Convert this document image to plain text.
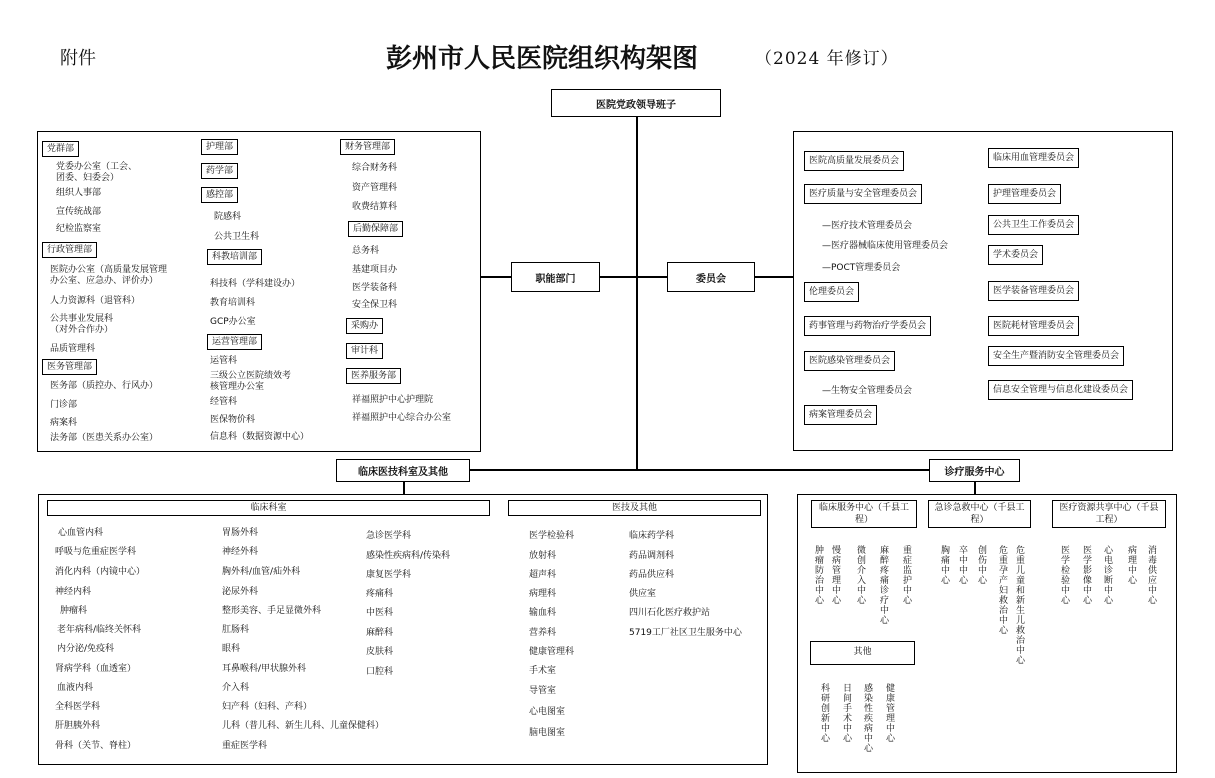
附件	彭州市人民医院组织构架图	（2024 年修订）
医院党政领导班子
职能部门
党群部
党委办公室（工会、
团委、妇委会）
组织人事部
宣传统战部
纪检监察室
行政管理部
医院办公室（高质量发展管理
办公室、应急办、评价办）
人力资源科（退管科）
公共事业发展科
（对外合作办）
品质管理科
医务管理部
医务部（质控办、行风办）
门诊部
病案科
法务部（医患关系办公室）
护理部
药学部
感控部
院感科
公共卫生科
科教培训部
科技科（学科建设办）
教育培训科
GCP办公室
运营管理部
运管科
三级公立医院绩效考
核管理办公室
经管科
医保物价科
信息科（数据资源中心）
财务管理部
综合财务科
资产管理科
收费结算科
后勤保障部
总务科
基建项目办
医学装备科
安全保卫科
采购办
审计科
医养服务部
祥福照护中心护理院
祥福照护中心综合办公室
委员会
医院高质量发展委员会
医疗质量与安全管理委员会
—医疗技术管理委员会
—医疗器械临床使用管理委员会
—POCT管理委员会
伦理委员会
药事管理与药物治疗学委员会
医院感染管理委员会
—生物安全管理委员会
病案管理委员会
临床用血管理委员会
护理管理委员会
公共卫生工作委员会
学术委员会
医学装备管理委员会
医院耗材管理委员会
安全生产暨消防安全管理委员会
信息安全管理与信息化建设委员会
临床医技科室及其他
临床科室	医技及其他
心血管内科
呼吸与危重症医学科
消化内科（内镜中心）
神经内科
肿瘤科
老年病科/临终关怀科
内分泌/免疫科
肾病学科（血透室）
血液内科
全科医学科
肝胆胰外科
骨科（关节、脊柱）
胃肠外科
神经外科
胸外科/血管/疝外科
泌尿外科
整形美容、手足显微外科
肛肠科
眼科
耳鼻喉科/甲状腺外科
介入科
妇产科（妇科、产科）
儿科（普儿科、新生儿科、儿童保健科）
重症医学科
急诊医学科
感染性疾病科/传染科
康复医学科
疼痛科
中医科
麻醉科
皮肤科
口腔科
医学检验科
放射科
超声科
病理科
输血科
营养科
健康管理科
手术室
导管室
心电图室
脑电图室
临床药学科
药品调剂科
药品供应科
供应室
四川石化医疗救护站
5719工厂社区卫生服务中心
诊疗服务中心
临床服务中心（千县工程）
急诊急救中心（千县工程）
医疗资源共享中心（千县工程）
肿瘤防治中心 慢病管理中心 微创介入中心 麻醉疼痛诊疗中心 重症监护中心	胸痛中心 卒中中心 创伤中心 危重孕产妇救治中心 危重儿童和新生儿救治中心	医学检验中心 医学影像中心 心电诊断中心 病理中心 消毒供应中心
其他
科研创新中心 日间手术中心 感染性疾病中心 健康管理中心
